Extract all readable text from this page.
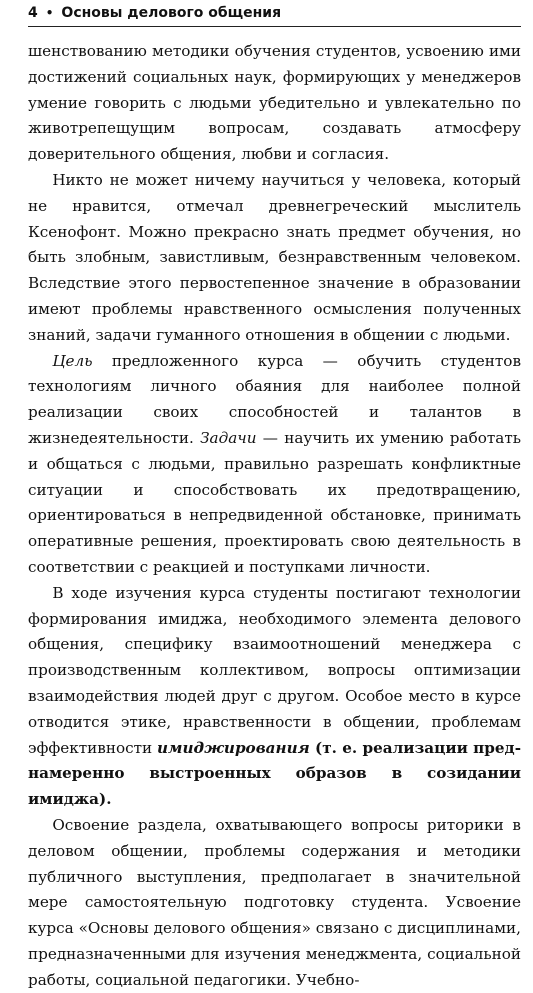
4 • Основы делового общения

шенствованию методики обучения студентов, усвоению ими достижений социальных наук, формирующих у менеджеров умение говорить с людьми убедительно и увлекательно по животрепещущим вопросам, создавать атмосферу доверительного общения, любви и согласия.

Никто не может ничему научиться у человека, который не нравится, отмечал древнегреческий мыслитель Ксенофонт. Можно прекрасно знать предмет обучения, но быть злобным, завистливым, безнравственным человеком. Вследствие этого первостепенное значение в образовании имеют проблемы нравственного осмысления полученных знаний, задачи гуманного отношения в общении с людьми.

Цель предложенного курса — обучить студентов технологиям личного обаяния для наиболее полной реализации своих способностей и талантов в жизнедеятельности. Задачи — научить их умению работать и общаться с людьми, правильно разрешать конфликтные ситуации и способствовать их предотвращению, ориентироваться в непредвиденной обстановке, принимать оперативные решения, проектировать свою деятельность в соответствии с реакцией и поступками личности.

В ходе изучения курса студенты постигают технологии формирования имиджа, необходимого элемента делового общения, специфику взаимоотношений менеджера с производственным коллективом, вопросы оптимизации взаимодействия людей друг с другом. Особое место в курсе отводится этике, нравственности в общении, проблемам эффективности имиджирования (т. е. реализации преднамеренно выстроенных образов в созидании имиджа).

Освоение раздела, охватывающего вопросы риторики в деловом общении, проблемы содержания и методики публичного выступления, предполагает в значительной мере самостоятельную подготовку студента. Усвоение курса «Основы делового общения» связано с дисциплинами, предназначенными для изучения менеджмента, социальной работы, социальной педагогики. Учебно-
